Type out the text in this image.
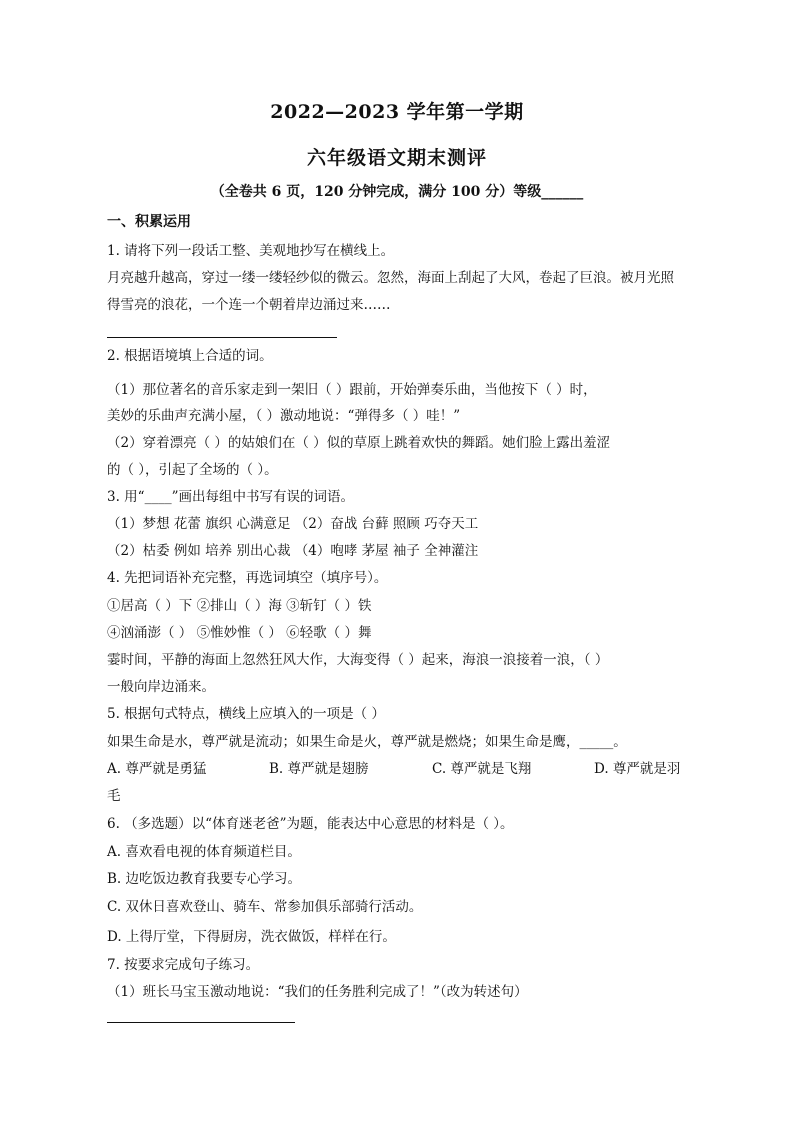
2022—2023 学年第一学期
六年级语文期末测评
（全卷共 6 页，120 分钟完成，满分 100 分）等级______
一、积累运用
1. 请将下列一段话工整、美观地抄写在横线上。
月亮越升越高，穿过一缕一缕轻纱似的微云。忽然，海面上刮起了大风，卷起了巨浪。被月光照
得雪亮的浪花，一个连一个朝着岸边涌过来……
2. 根据语境填上合适的词。
（1）那位著名的音乐家走到一架旧（ ）跟前，开始弹奏乐曲，当他按下（ ）时，
美妙的乐曲声充满小屋，（ ）激动地说：“弹得多（ ）哇！”
（2）穿着漂亮（ ）的姑娘们在（ ）似的草原上跳着欢快的舞蹈。她们脸上露出羞涩
的（ ），引起了全场的（ ）。
3. 用“____”画出每组中书写有误的词语。
（1）梦想 花蕾 旗织 心满意足 （2）奋战 台藓 照顾 巧夺天工
（2）枯委 例如 培养 别出心裁 （4）咆哮 茅屋 袖子 全神灌注
4. 先把词语补充完整，再选词填空（填序号）。
①居高（ ）下 ②排山（ ）海 ③斩钉（ ）铁
④汹涌澎（ ） ⑤惟妙惟（ ） ⑥轻歌（ ）舞
霎时间，平静的海面上忽然狂风大作，大海变得（ ）起来，海浪一浪接着一浪，（ ）
一般向岸边涌来。
5. 根据句式特点，横线上应填入的一项是（ ）
如果生命是水，尊严就是流动；如果生命是火，尊严就是燃烧；如果生命是鹰，_____。
A. 尊严就是勇猛	B. 尊严就是翅膀	C. 尊严就是飞翔	D. 尊严就是羽
毛
6. （多选题）以“体育迷老爸”为题，能表达中心意思的材料是（ ）。
A. 喜欢看电视的体育频道栏目。
B. 边吃饭边教育我要专心学习。
C. 双休日喜欢登山、骑车、常参加俱乐部骑行活动。
D. 上得厅堂，下得厨房，洗衣做饭，样样在行。
7. 按要求完成句子练习。
（1）班长马宝玉激动地说：“我们的任务胜利完成了！”（改为转述句）
